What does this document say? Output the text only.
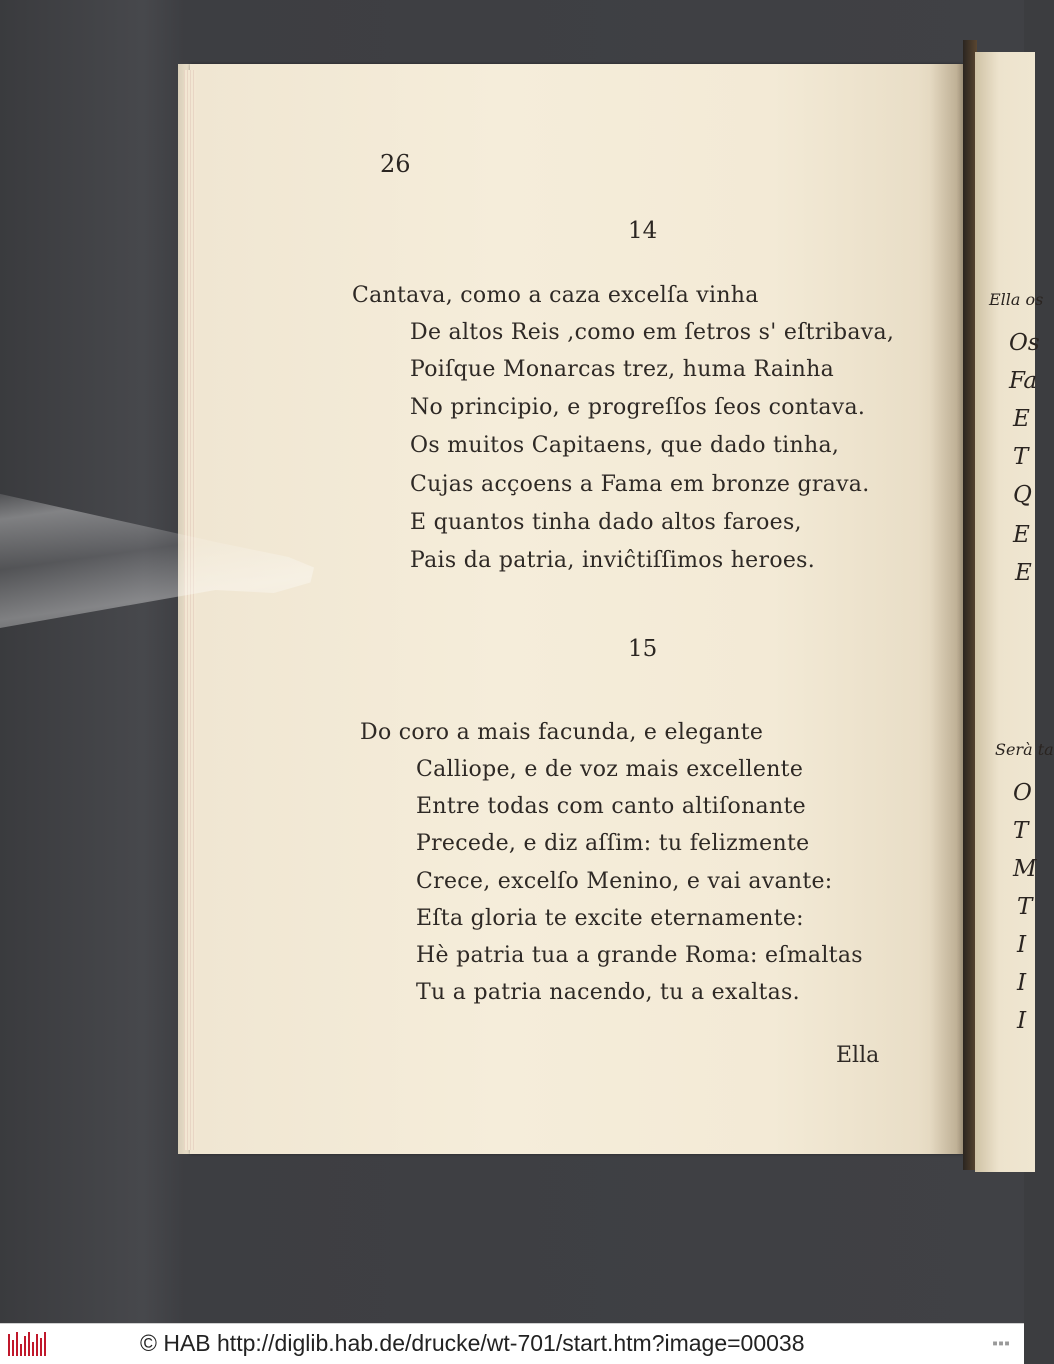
Ella os
Os
Fa
E
T
Q
E
E
Serà ta
O
T
M
T
I
I
I
26
14
Cantava, como a caza excelſa vinha
De altos Reis ,como em ſetros s' eſtribava,
Poiſque Monarcas trez, huma Rainha
No principio, e progreſſos ſeos contava.
Os muitos Capitaens, que dado tinha,
Cujas acçoens a Fama em bronze grava.
E quantos tinha dado altos faroes,
Pais da patria, inviĉtiſſimos heroes.
15
Do coro a mais facunda, e elegante
Calliope, e de voz mais excellente
Entre todas com canto altiſonante
Precede, e diz aſſim: tu felizmente
Crece, excelſo Menino, e vai avante:
Eſta gloria te excite eternamente:
Hè patria tua a grande Roma: eſmaltas
Tu a patria nacendo, tu a exaltas.
Ella
© HAB http://diglib.hab.de/drucke/wt-701/start.htm?image=00038	▪▪▪
